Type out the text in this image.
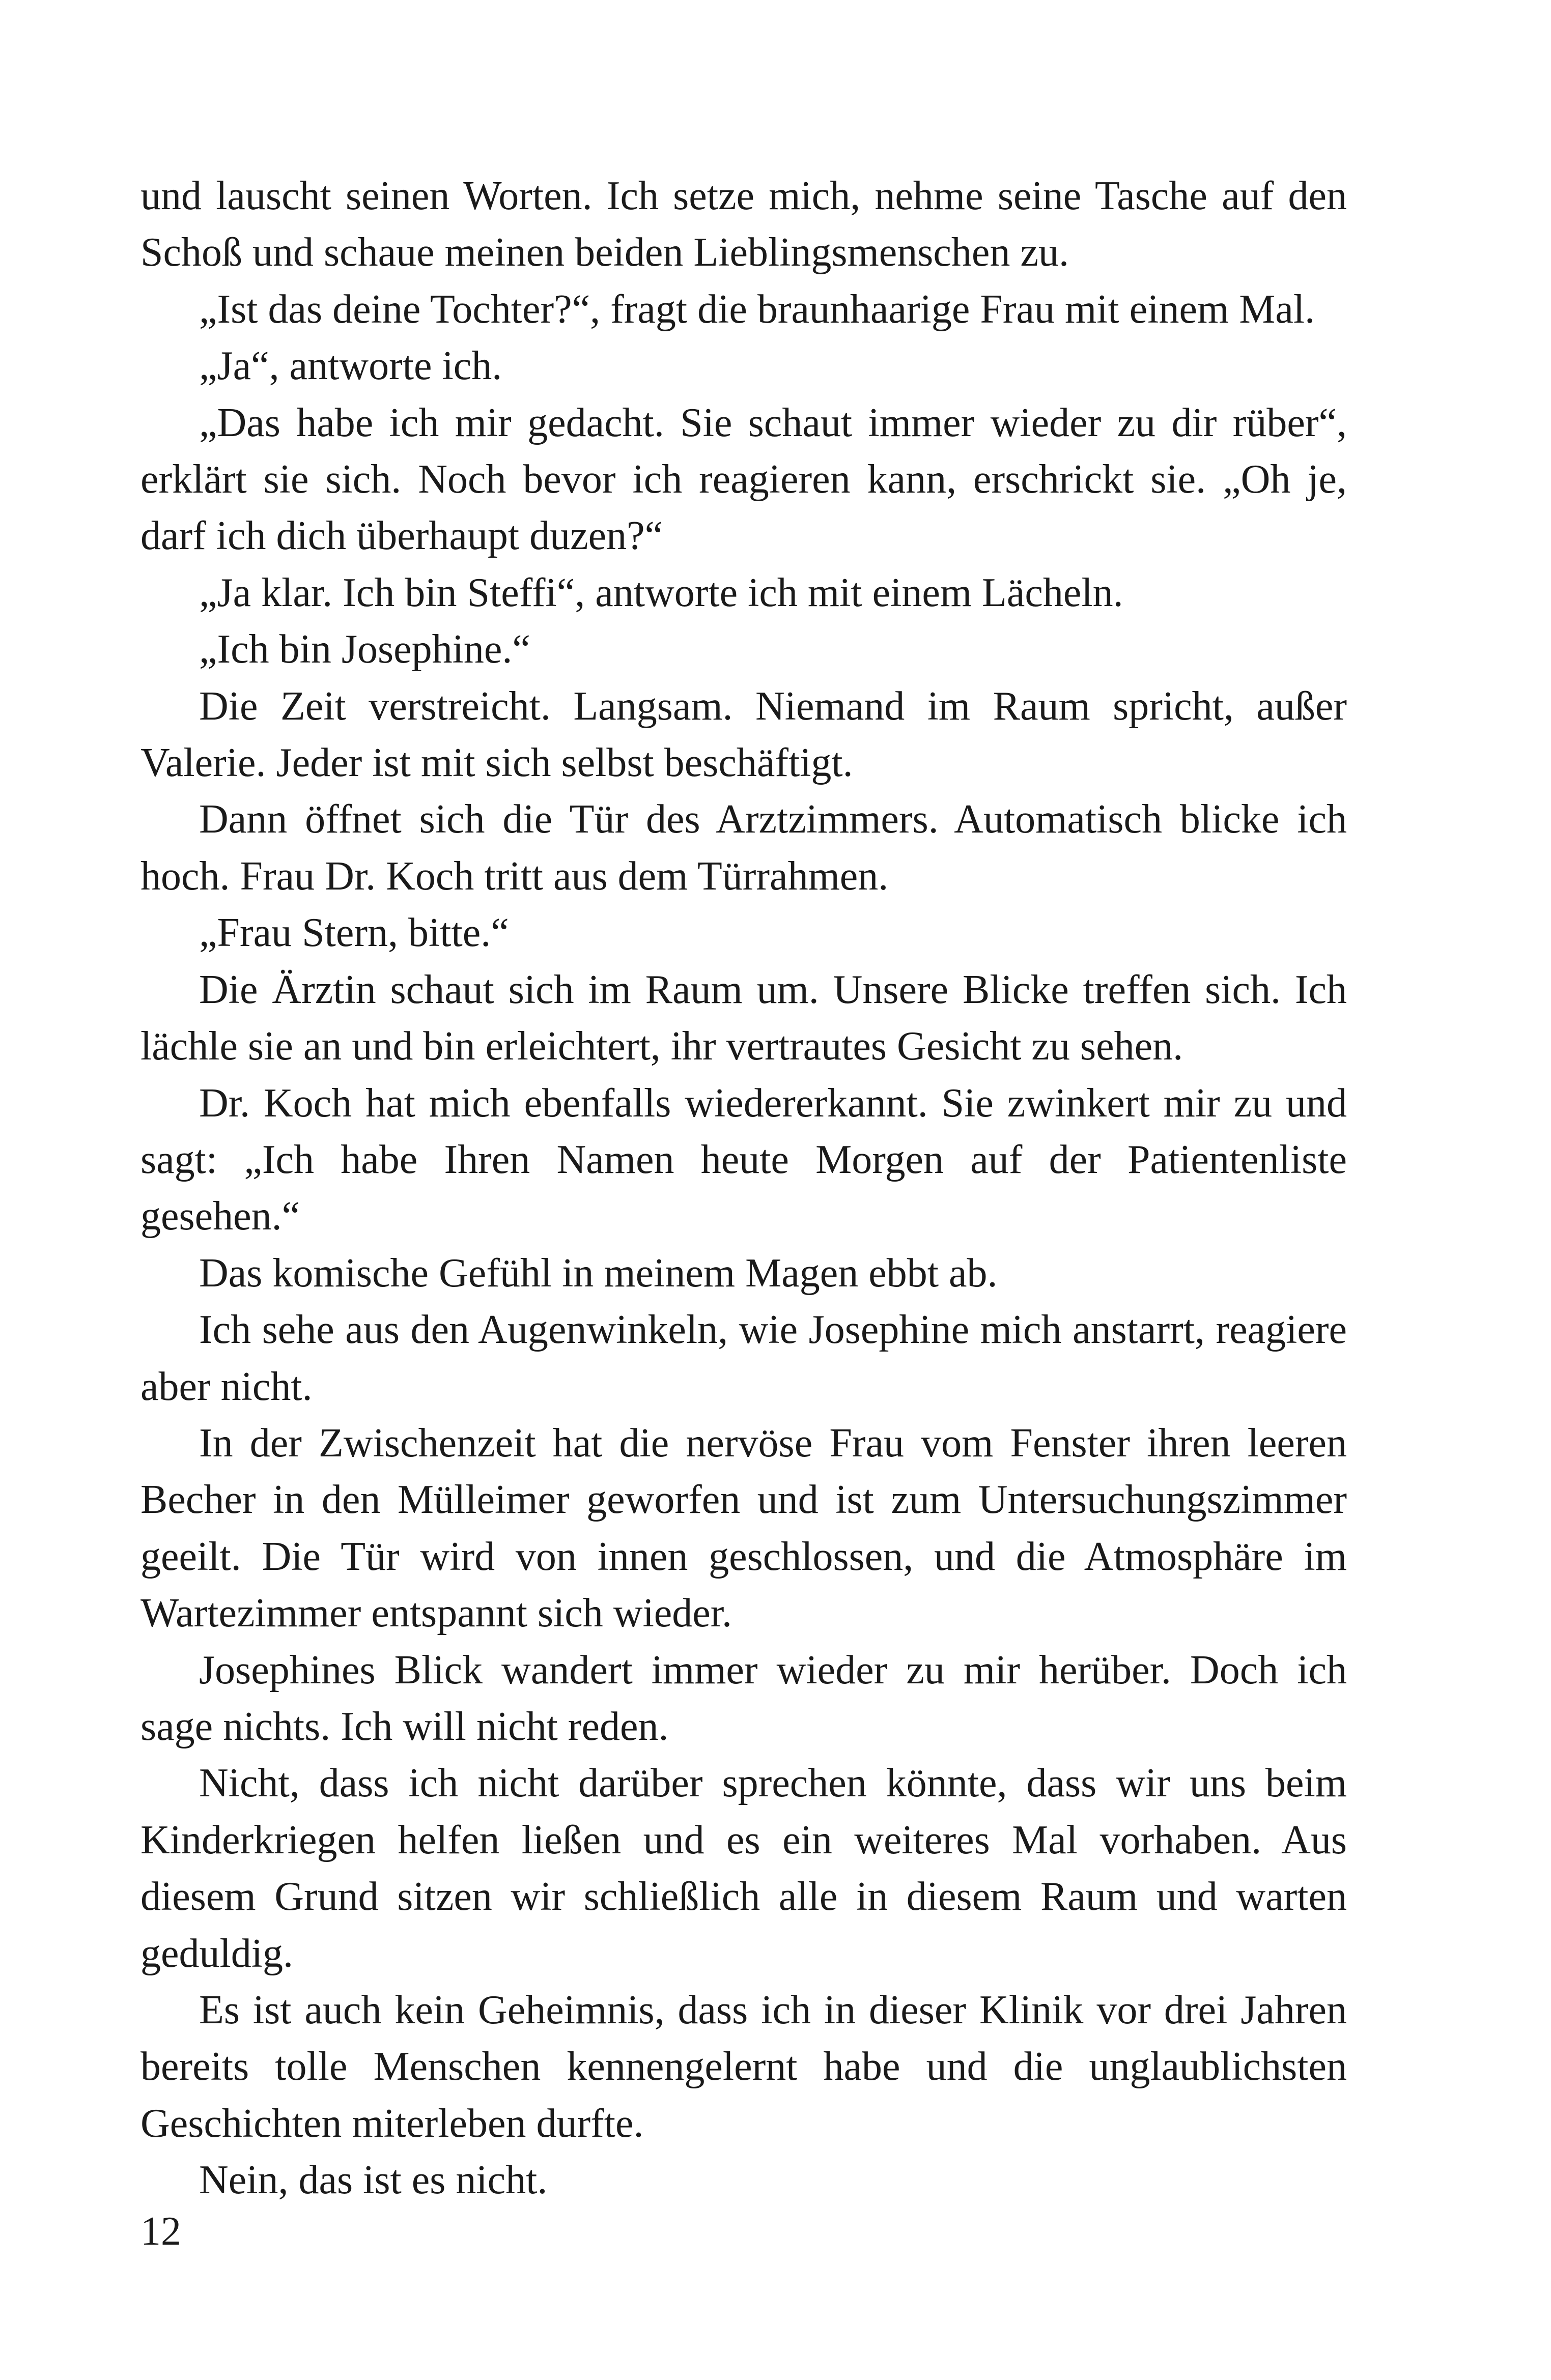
und lauscht seinen Worten. Ich setze mich, nehme seine Tasche auf den Schoß und schaue meinen beiden Lieblingsmenschen zu.

„Ist das deine Tochter?“, fragt die braunhaarige Frau mit einem Mal.

„Ja“, antworte ich.

„Das habe ich mir gedacht. Sie schaut immer wieder zu dir rüber“, erklärt sie sich. Noch bevor ich reagieren kann, erschrickt sie. „Oh je, darf ich dich überhaupt duzen?“

„Ja klar. Ich bin Steffi“, antworte ich mit einem Lächeln.

„Ich bin Josephine.“

Die Zeit verstreicht. Langsam. Niemand im Raum spricht, außer Valerie. Jeder ist mit sich selbst beschäftigt.

Dann öffnet sich die Tür des Arztzimmers. Automatisch blicke ich hoch. Frau Dr. Koch tritt aus dem Türrahmen.

„Frau Stern, bitte.“

Die Ärztin schaut sich im Raum um. Unsere Blicke treffen sich. Ich lächle sie an und bin erleichtert, ihr vertrautes Gesicht zu sehen.

Dr. Koch hat mich ebenfalls wiedererkannt. Sie zwinkert mir zu und sagt: „Ich habe Ihren Namen heute Morgen auf der Patientenliste gesehen.“

Das komische Gefühl in meinem Magen ebbt ab.

Ich sehe aus den Augenwinkeln, wie Josephine mich anstarrt, reagiere aber nicht.

In der Zwischenzeit hat die nervöse Frau vom Fenster ihren leeren Becher in den Mülleimer geworfen und ist zum Untersuchungszimmer geeilt. Die Tür wird von innen geschlossen, und die Atmosphäre im Wartezimmer entspannt sich wieder.

Josephines Blick wandert immer wieder zu mir herüber. Doch ich sage nichts. Ich will nicht reden.

Nicht, dass ich nicht darüber sprechen könnte, dass wir uns beim Kinderkriegen helfen ließen und es ein weiteres Mal vorhaben. Aus diesem Grund sitzen wir schließlich alle in diesem Raum und warten geduldig.

Es ist auch kein Geheimnis, dass ich in dieser Klinik vor drei Jahren bereits tolle Menschen kennengelernt habe und die unglaublichsten Geschichten miterleben durfte.

Nein, das ist es nicht.

12
